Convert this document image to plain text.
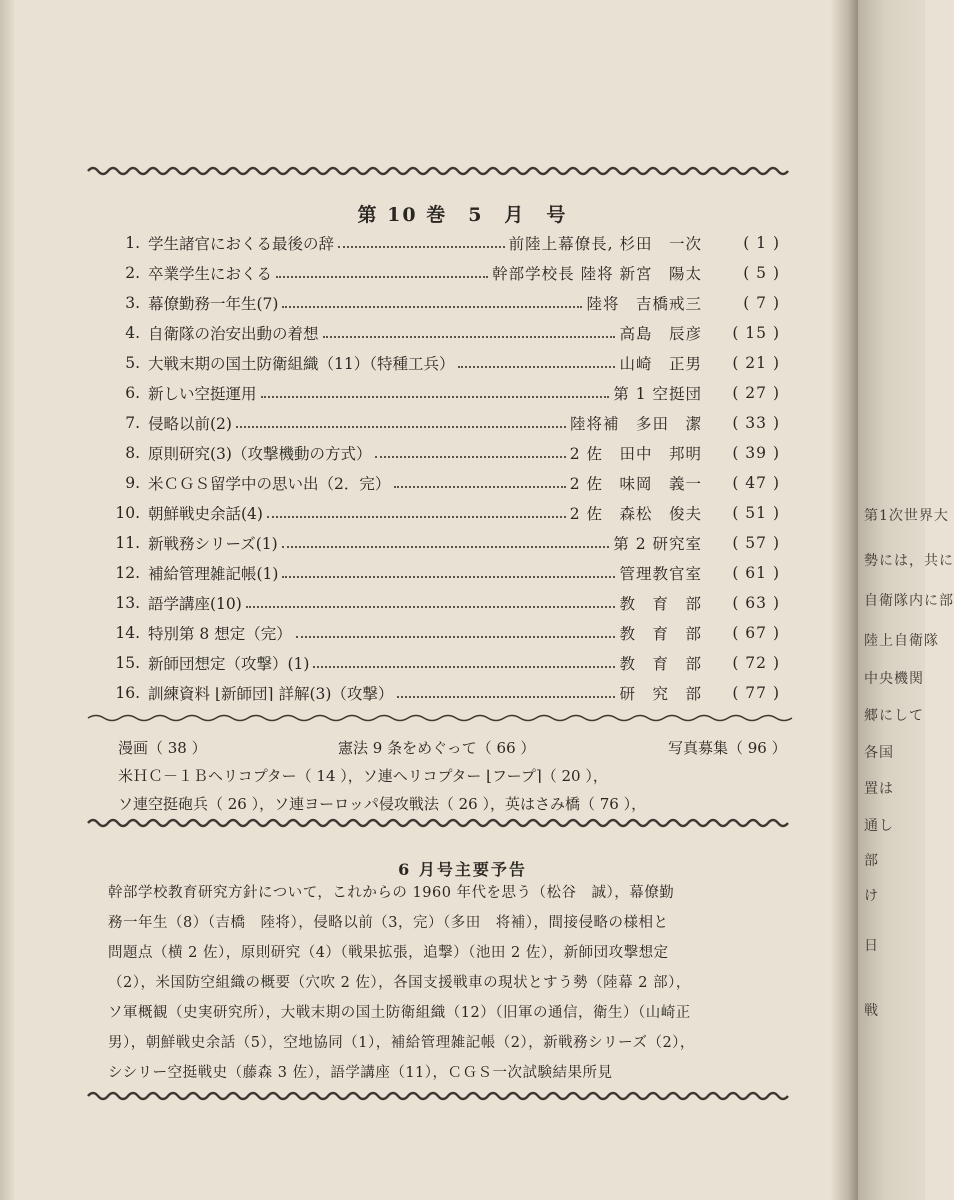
第1次世界大
勢には，共に
自衛隊内に部
陸上自衛隊
中央機関
郷にして
各国
置は
通し
部
け
日
戦
第 10 巻　5　月　号
1. 学生諸官におくる最後の辞	前陸上幕僚長, 杉田　一次	( 1 )
2. 卒業学生におくる	幹部学校長 陸将 新宮　陽太	( 5 )
3. 幕僚勤務一年生(7)	陸将　吉橋戒三	( 7 )
4. 自衛隊の治安出動の着想	高島　辰彦	( 15 )
5. 大戦末期の国土防衛組織（11）（特種工兵）	山崎　正男	( 21 )
6. 新しい空挺運用	第 1 空挺団	( 27 )
7. 侵略以前(2)	陸将補　多田　潔	( 33 )
8. 原則研究(3)（攻撃機動の方式）	2 佐　田中　邦明	( 39 )
9. 米ＣＧＳ留学中の思い出（2．完）	2 佐　味岡　義一	( 47 )
10. 朝鮮戦史余話(4)	2 佐　森松　俊夫	( 51 )
11. 新戦務シリーズ(1)	第 2 研究室	( 57 )
12. 補給管理雑記帳(1)	管理教官室	( 61 )
13. 語学講座(10)	教　育　部	( 63 )
14. 特別第 8 想定（完）	教　育　部	( 67 )
15. 新師団想定（攻撃）(1)	教　育　部	( 72 )
16. 訓練資料 ⌊新師団⌉ 詳解(3)（攻撃）	研　究　部	( 77 )
漫画（ 38 ）	憲法 9 条をめぐって（ 66 ）	写真募集（ 96 ）
米ＨＣ－１Ｂヘリコプター（ 14 ），ソ連ヘリコプター ⌊フープ⌉（ 20 ），
ソ連空挺砲兵（ 26 ），ソ連ヨーロッパ侵攻戦法（ 26 ），英はさみ橋（ 76 ），
6 月号主要予告
幹部学校教育研究方針について，これからの 1960 年代を思う（松谷　誠），幕僚勤
務一年生（8）（吉橋　陸将），侵略以前（3，完）（多田　将補），間接侵略の様相と
問題点（横 2 佐），原則研究（4）（戦果拡張，追撃）（池田 2 佐），新師団攻撃想定
（2），米国防空組織の概要（穴吹 2 佐），各国支援戦車の現状とすう勢（陸幕 2 部），
ソ軍概観（史実研究所），大戦末期の国土防衛組織（12）（旧軍の通信，衛生）（山崎正
男），朝鮮戦史余話（5），空地協同（1），補給管理雑記帳（2），新戦務シリーズ（2），
シシリー空挺戦史（藤森 3 佐），語学講座（11），ＣＧＳ一次試験結果所見
